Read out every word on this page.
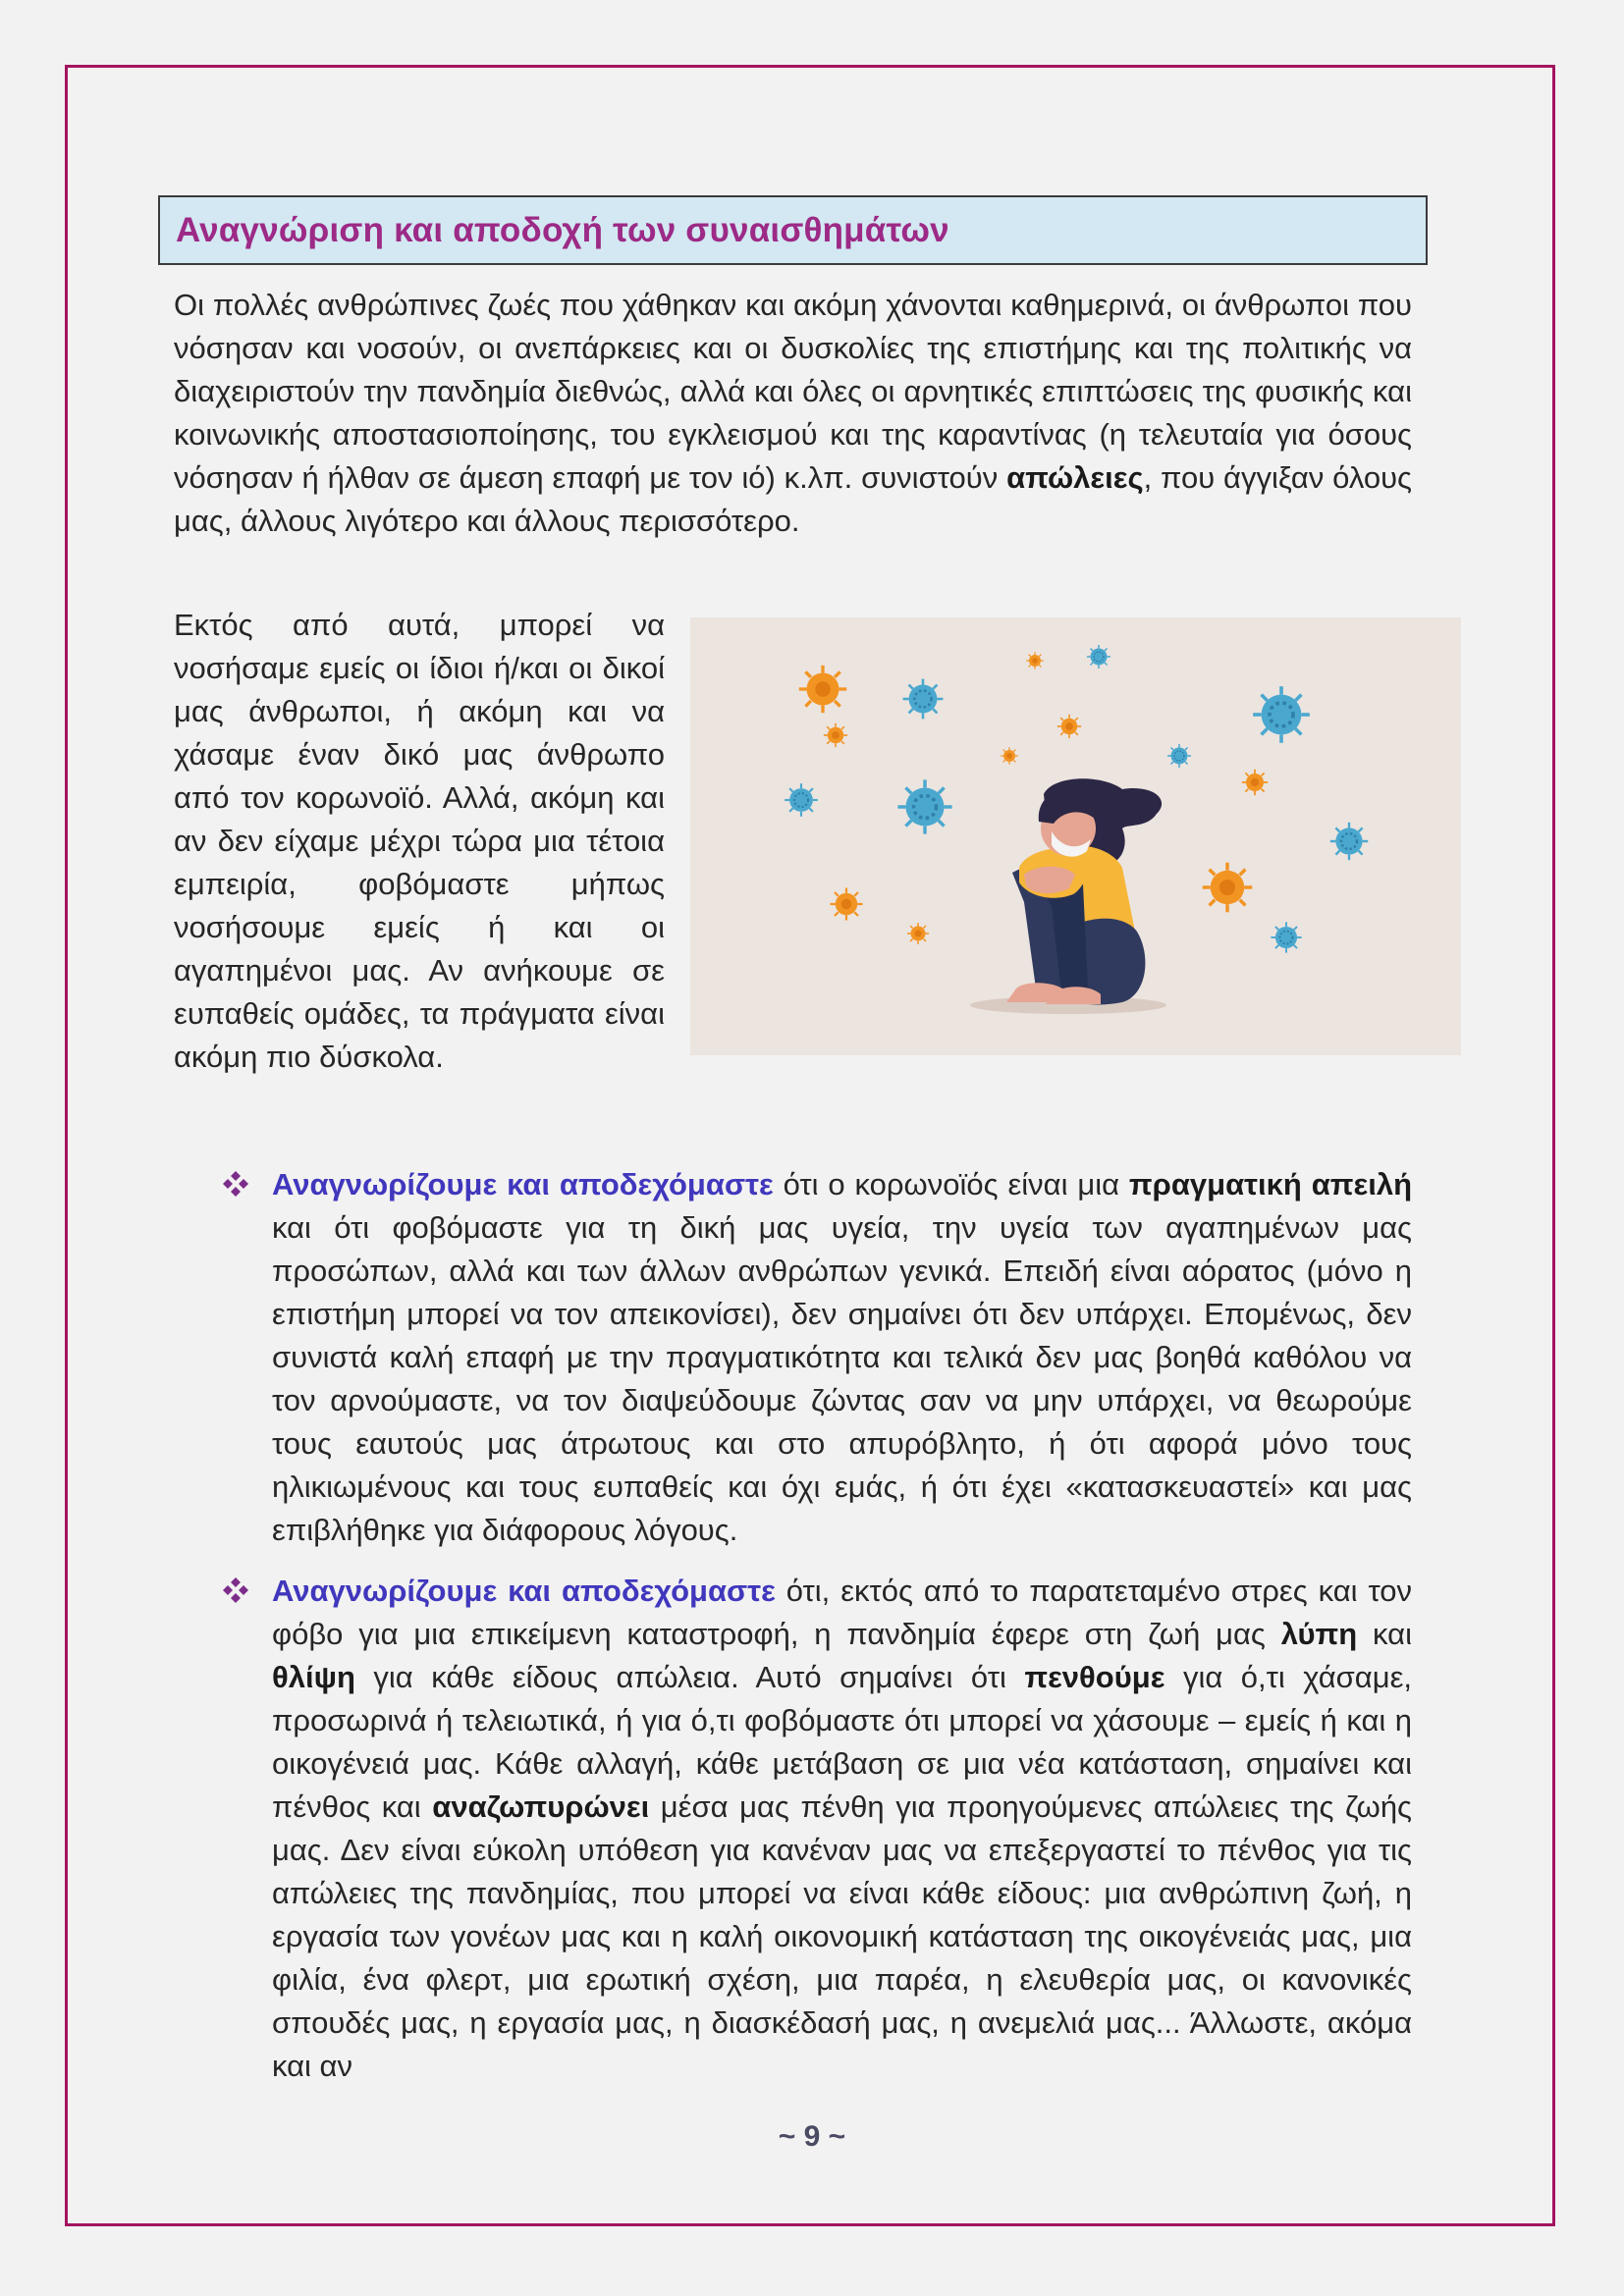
Αναγνώριση και αποδοχή των συναισθημάτων

Οι πολλές ανθρώπινες ζωές που χάθηκαν και ακόμη χάνονται καθημερινά, οι άνθρωποι που νόσησαν και νοσούν, οι ανεπάρκειες και οι δυσκολίες της επιστήμης και της πολιτικής να διαχειριστούν την πανδημία διεθνώς, αλλά και όλες οι αρνητικές επιπτώσεις της φυσικής και κοινωνικής αποστασιοποίησης, του εγκλεισμού και της καραντίνας (η τελευταία για όσους νόσησαν ή ήλθαν σε άμεση επαφή με τον ιό) κ.λπ. συνιστούν απώλειες, που άγγιξαν όλους μας, άλλους λιγότερο και άλλους περισσότερο.

Εκτός από αυτά, μπορεί να νοσήσαμε εμείς οι ίδιοι ή/και οι δικοί μας άνθρωποι, ή ακόμη και να χάσαμε έναν δικό μας άνθρωπο από τον κορωνοϊό. Αλλά, ακόμη και αν δεν είχαμε μέχρι τώρα μια τέτοια εμπειρία, φοβόμαστε μήπως νοσήσουμε εμείς ή και οι αγαπημένοι μας. Αν ανήκουμε σε ευπαθείς ομάδες, τα πράγματα είναι ακόμη πιο δύσκολα.

Αναγνωρίζουμε και αποδεχόμαστε ότι ο κορωνοϊός είναι μια πραγματική απειλή και ότι φοβόμαστε για τη δική μας υγεία, την υγεία των αγαπημένων μας προσώπων, αλλά και των άλλων ανθρώπων γενικά. Επειδή είναι αόρατος (μόνο η επιστήμη μπορεί να τον απεικονίσει), δεν σημαίνει ότι δεν υπάρχει. Επομένως, δεν συνιστά καλή επαφή με την πραγματικότητα και τελικά δεν μας βοηθά καθόλου να τον αρνούμαστε, να τον διαψεύδουμε ζώντας σαν να μην υπάρχει, να θεωρούμε τους εαυτούς μας άτρωτους και στο απυρόβλητο, ή ότι αφορά μόνο τους ηλικιωμένους και τους ευπαθείς και όχι εμάς, ή ότι έχει «κατασκευαστεί» και μας επιβλήθηκε για διάφορους λόγους.
Αναγνωρίζουμε και αποδεχόμαστε ότι, εκτός από το παρατεταμένο στρες και τον φόβο για μια επικείμενη καταστροφή, η πανδημία έφερε στη ζωή μας λύπη και θλίψη για κάθε είδους απώλεια. Αυτό σημαίνει ότι πενθούμε για ό,τι χάσαμε, προσωρινά ή τελειωτικά, ή για ό,τι φοβόμαστε ότι μπορεί να χάσουμε – εμείς ή και η οικογένειά μας. Κάθε αλλαγή, κάθε μετάβαση σε μια νέα κατάσταση, σημαίνει και πένθος και αναζωπυρώνει μέσα μας πένθη για προηγούμενες απώλειες της ζωής μας. Δεν είναι εύκολη υπόθεση για κανέναν μας να επεξεργαστεί το πένθος για τις απώλειες της πανδημίας, που μπορεί να είναι κάθε είδους: μια ανθρώπινη ζωή, η εργασία των γονέων μας και η καλή οικονομική κατάσταση της οικογένειάς μας, μια φιλία, ένα φλερτ, μια ερωτική σχέση, μια παρέα, η ελευθερία μας, οι κανονικές σπουδές μας, η εργασία μας, η διασκέδασή μας, η ανεμελιά μας... Άλλωστε, ακόμα και αν
~ 9 ~
